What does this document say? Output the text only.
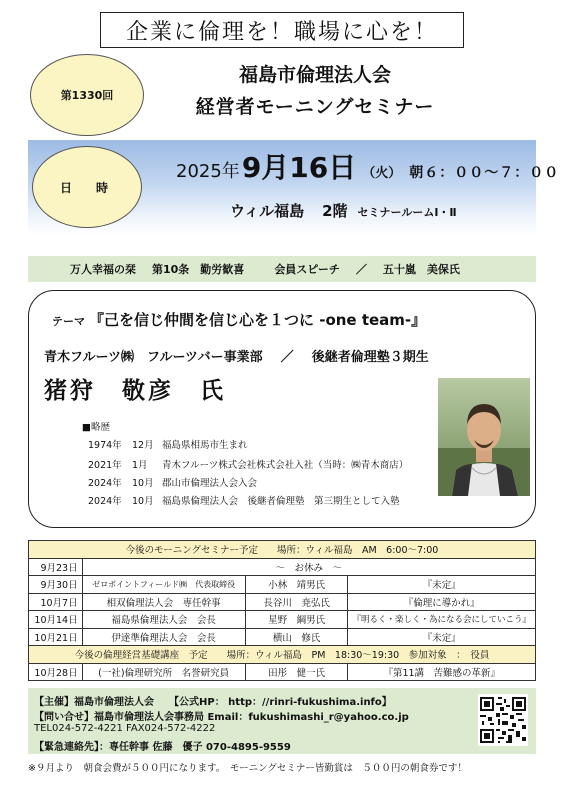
企業に倫理を！職場に心を！
第1330回
福島市倫理法人会
経営者モーニングセミナー
日　時
2025年 9月16日 （火） 朝６：００～７：００
ウィル福島 2階 セミナールームⅠ・Ⅱ
万人幸福の栞 第10条　勤労歓喜	会員スピーチ ／ 五十嵐　美保氏
テーマ 『己を信じ仲間を信じ心を１つに -one team-』
青木フルーツ㈱　フルーツバー事業部 ／ 後継者倫理塾３期生
猪狩　敬彦　氏
■略歴
1974年	12月 福島県相馬市生まれ
2021年	1月	青木フルーツ株式会社株式会社入社（当時：㈱青木商店）
2024年	10月 郡山市倫理法人会入会
2024年	10月 福島県倫理法人会　後継者倫理塾　第三期生として入塾
今後のモーニングセミナー予定　　場所：ウィル福島　AM　6:00～7:00			
9月23日	～　お休み　～		
9月30日	ゼロポイントフィールド㈱　代表取締役	小林　靖男氏	『未定』
10月7日	相双倫理法人会　専任幹事	長谷川　尭弘氏	『倫理に導かれ』
10月14日	福島県倫理法人会　会長	星野　綱男氏	『明るく・楽しく・為になる会にしていこう』
10月21日	伊達準倫理法人会　会長	横山　修氏	『未定』
今後の倫理経営基礎講座　予定　　場所：ウィル福島　PM　18:30～19:30　参加対象　：　役員			
10月28日	(一社)倫理研究所　名誉研究員	田彤　健一氏	『第11講　苦難感の革新』
【主催】福島市倫理法人会　　【公式HP： http：//rinri-fukushima.info】
【問い合せ】福島市倫理法人会事務局 Email：fukushimashi_r@yahoo.co.jp
TEL024-572-4221 FAX024-572-4222
【緊急連絡先】：専任幹事 佐藤　優子 070-4895-9559
※９月より　朝食会費が５００円になります。　モーニングセミナー皆勤賞は　５００円の朝食券です！
